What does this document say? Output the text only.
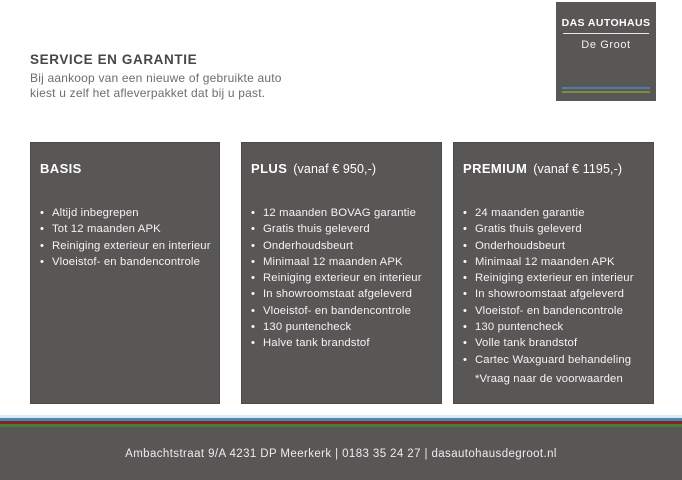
SERVICE EN GARANTIE

Bij aankoop van een nieuwe of gebruikte auto

kiest u zelf het afleverpakket dat bij u past.

DAS AUTOHAUS
De Groot
BASIS
• Altijd inbegrepen
• Tot 12 maanden APK
• Reiniging exterieur en interieur
• Vloeistof- en bandencontrole
PLUS (vanaf € 950,-)
• 12 maanden BOVAG garantie
• Gratis thuis geleverd
• Onderhoudsbeurt
• Minimaal 12 maanden APK
• Reiniging exterieur en interieur
• In showroomstaat afgeleverd
• Vloeistof- en bandencontrole
• 130 puntencheck
• Halve tank brandstof
PREMIUM (vanaf € 1195,-)
• 24 maanden garantie
• Gratis thuis geleverd
• Onderhoudsbeurt
• Minimaal 12 maanden APK
• Reiniging exterieur en interieur
• In showroomstaat afgeleverd
• Vloeistof- en bandencontrole
• 130 puntencheck
• Volle tank brandstof
• Cartec Waxguard behandeling
*Vraag naar de voorwaarden
Ambachtstraat 9/A 4231 DP Meerkerk | 0183 35 24 27 | dasautohausdegroot.nl
